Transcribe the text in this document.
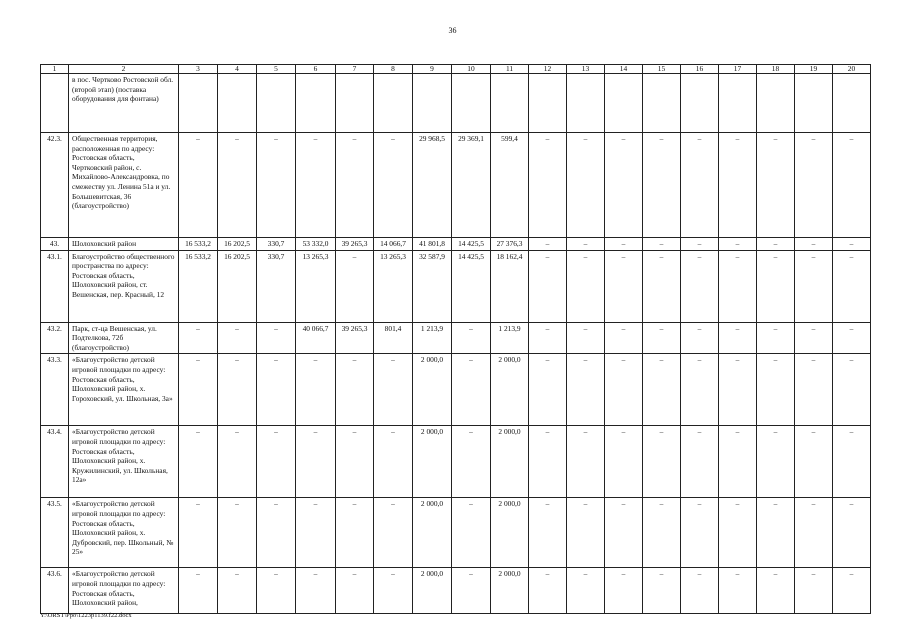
36
1	2	3	4	5	6	7	8	9	10	11	12	13	14	15	16	17	18	19	20
	в пос. Чертково Ростовской обл. (второй этап) (поставка оборудования для фонтана)																		
42.3.	Общественная территория, расположенная по адресу: Ростовская область, Чертковский район, с. Михайлово-Александровка, по смежеству ул. Ленина 51а и ул. Большевитская, 36 (благоустройство)	–	–	–	–	–	–	29 968,5	29 369,1	599,4	–	–	–	–	–	–	–	–	–
43.	Шолоховский район	16 533,2	16 202,5	330,7	53 332,0	39 265,3	14 066,7	41 801,8	14 425,5	27 376,3	–	–	–	–	–	–	–	–	–
43.1.	Благоустройство общественного пространства по адресу: Ростовская область, Шолоховский район, ст. Вешенская, пер. Красный, 12	16 533,2	16 202,5	330,7	13 265,3	–	13 265,3	32 587,9	14 425,5	18 162,4	–	–	–	–	–	–	–	–	–
43.2.	Парк, ст-ца Вешенская, ул. Подтелкова, 72б (благоустройство)	–	–	–	40 066,7	39 265,3	801,4	1 213,9	–	1 213,9	–	–	–	–	–	–	–	–	–
43.3.	«Благоустройство детской игровой площадки по адресу: Ростовская область, Шолоховский район, х. Гороховский, ул. Школьная, 3а»	–	–	–	–	–	–	2 000,0	–	2 000,0	–	–	–	–	–	–	–	–	–
43.4.	«Благоустройство детской игровой площадки по адресу: Ростовская область, Шолоховский район, х. Кружилинский, ул. Школьная, 12а»	–	–	–	–	–	–	2 000,0	–	2 000,0	–	–	–	–	–	–	–	–	–
43.5.	«Благоустройство детской игровой площадки по адресу: Ростовская область, Шолоховский район, х. Дубровский, пер. Школьный, № 25»	–	–	–	–	–	–	2 000,0	–	2 000,0	–	–	–	–	–	–	–	–	–
43.6.	«Благоустройство детской игровой площадки по адресу: Ростовская область, Шолоховский район,	–	–	–	–	–	–	2 000,0	–	2 000,0	–	–	–	–	–	–	–	–	–
Y:\ORST\Ppo\1223p1139.f22.docx
